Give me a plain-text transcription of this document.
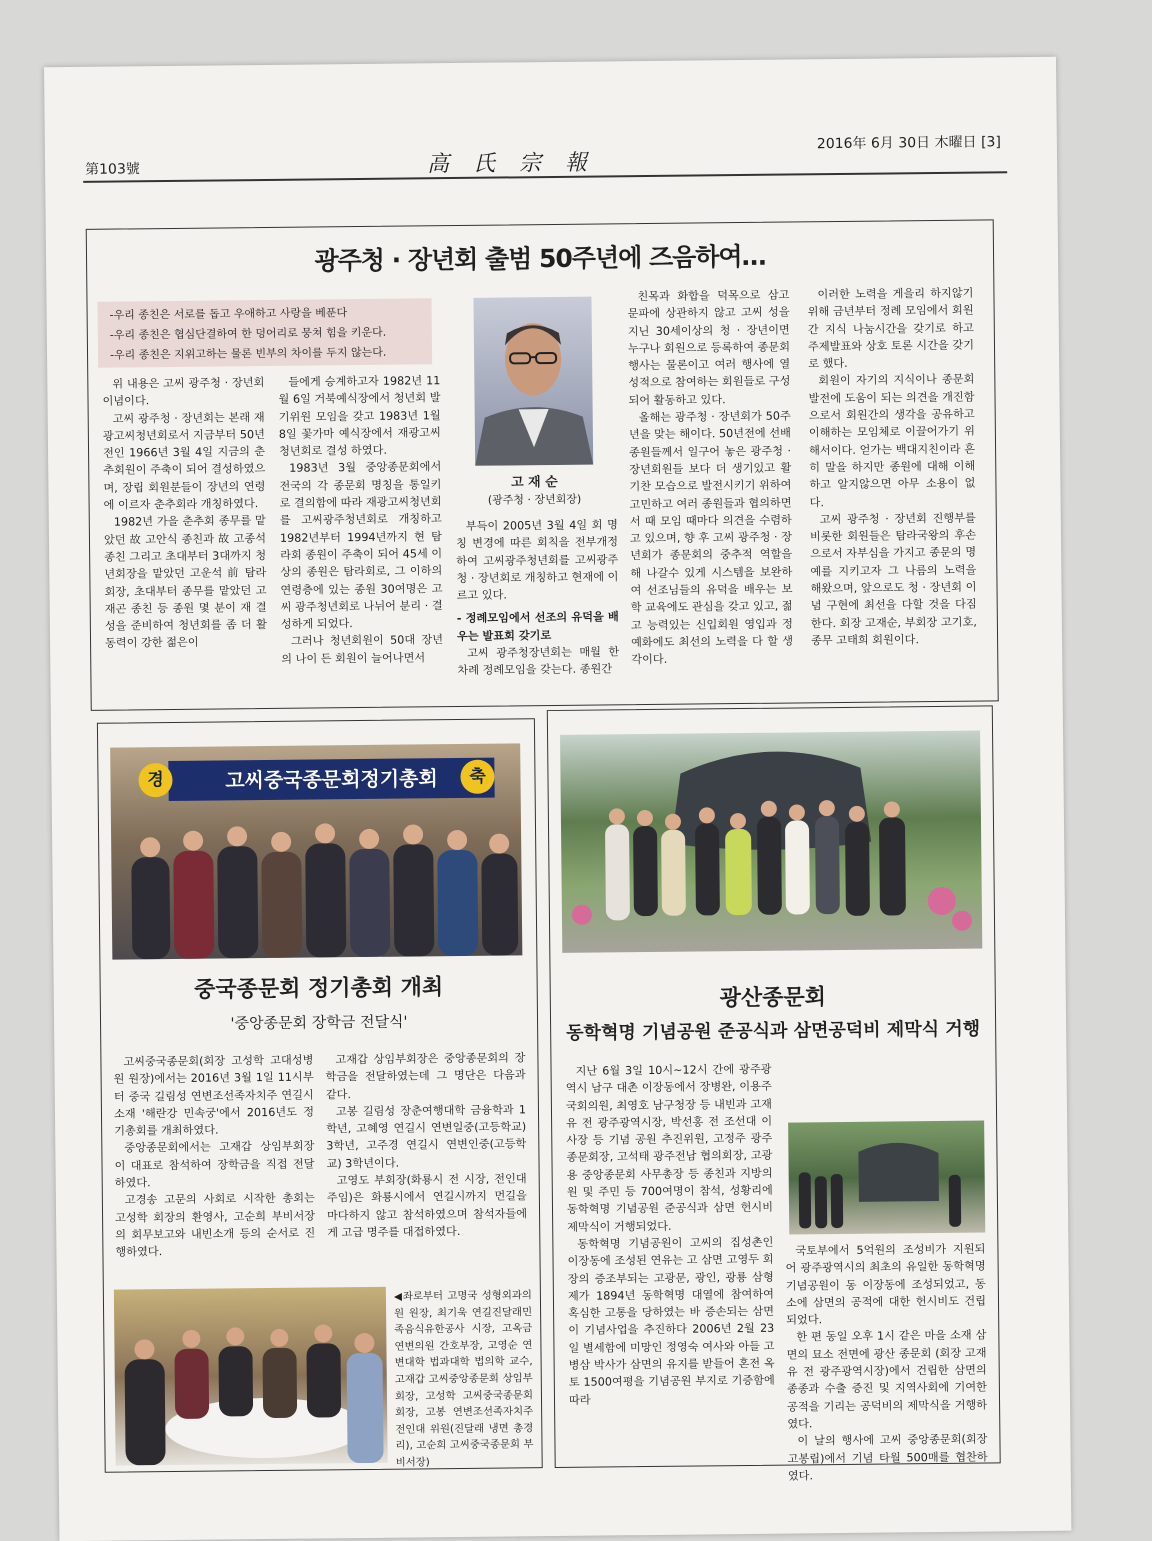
第103號	高氏宗報
2016年 6月 30日 木曜日 [3]
광주청 · 장년회 출범 50주년에 즈음하여…
-우리 종친은 서로를 돕고 우애하고 사랑을 베푼다
-우리 종친은 협심단결하여 한 덩어리로 뭉쳐 힘을 키운다.
-우리 종친은 지위고하는 물론 빈부의 차이를 두지 않는다.

위 내용은 고씨 광주청 · 장년회 이념이다.

고씨 광주청 · 장년회는 본래 재광고씨청년회로서 지금부터 50년 전인 1966년 3월 4일 지금의 춘추회원이 주축이 되어 결성하였으며, 장립 회원분들이 장년의 연령에 이르자 춘추회라 개칭하였다.

1982년 가을 춘추회 종무를 맡았던 故 고안식 종친과 故 고종석 종친 그리고 초대부터 3대까지 청년회장을 맡았던 고운석 前 탐라회장, 초대부터 종무를 맡았던 고재곤 종친 등 종원 몇 분이 재 결성을 준비하여 청년회를 좀 더 활동력이 강한 젊은이

들에게 승계하고자 1982년 11월 6일 거북예식장에서 청년회 발기위원 모임을 갖고 1983년 1월 8일 꽃가마 예식장에서 재광고씨청년회로 결성 하였다.

1983년 3월 중앙종문회에서 전국의 각 종문회 명칭을 통일키로 결의함에 따라 재광고씨청년회를 고씨광주청년회로 개칭하고 1982년부터 1994년까지 현 탐라회 종원이 주축이 되어 45세 이상의 종원은 탐라회로, 그 이하의 연령층에 있는 종원 30여명은 고씨 광주청년회로 나뉘어 분리 · 결성하게 되었다.

그러나 청년회원이 50대 장년의 나이 든 회원이 늘어나면서

고 재 순
(광주청 · 장년회장)

부득이 2005년 3월 4일 회 명칭 변경에 따른 회칙을 전부개정하여 고씨광주청년회를 고씨광주청 · 장년회로 개칭하고 현재에 이르고 있다.

- 정례모임에서 선조의 유덕을 배우는 발표회 갖기로

고씨 광주청장년회는 매월 한 차례 정례모임을 갖는다. 종원간

친목과 화합을 덕목으로 삼고 문파에 상관하지 않고 고씨 성을 지닌 30세이상의 청 · 장년이면 누구나 회원으로 등록하여 종문회 행사는 물론이고 여러 행사에 열성적으로 참여하는 회원들로 구성되어 활동하고 있다.

올해는 광주청 · 장년회가 50주년을 맞는 해이다. 50년전에 선배 종원들께서 일구어 놓은 광주청 · 장년회원들 보다 더 생기있고 활기찬 모습으로 발전시키기 위하여 고민하고 여러 종원들과 협의하면서 때 모임 때마다 의견을 수렴하고 있으며, 향 후 고씨 광주청 · 장년회가 종문회의 중추적 역할을 해 나갈수 있게 시스템을 보완하여 선조님들의 유덕을 배우는 보학 교육에도 관심을 갖고 있고, 젊고 능력있는 신입회원 영입과 정예화에도 최선의 노력을 다 할 생각이다.

이러한 노력을 게을리 하지않기 위해 금년부터 정례 모임에서 회원간 지식 나눔시간을 갖기로 하고 주제발표와 상호 토론 시간을 갖기로 했다.

회원이 자기의 지식이나 종문회 발전에 도움이 되는 의견을 개진함으로서 회원간의 생각을 공유하고 이해하는 모임체로 이끌어가기 위해서이다. 얻가는 백대지친이라 흔히 말을 하지만 종원에 대해 이해하고 알지않으면 아무 소용이 없다.

고씨 광주청 · 장년회 진행부를 비롯한 회원들은 탐라국왕의 후손으로서 자부심을 가지고 종문의 명예를 지키고자 그 나름의 노력을 해왔으며, 앞으로도 청 · 장년회 이념 구현에 최선을 다할 것을 다짐한다. 회장 고재순, 부회장 고기호, 종무 고태희 회원이다.

고씨중국종문회정기총회
경	축
중국종문회 정기총회 개최
'중앙종문회 장학금 전달식'

고씨중국종문회(회장 고성학 고대성병원 원장)에서는 2016년 3월 1일 11시부터 중국 길림성 연변조선족자치주 연길시 소재 '해란강 민속궁'에서 2016년도 정기총회를 개최하였다.

중앙종문회에서는 고재갑 상임부회장이 대표로 참석하여 장학금을 직접 전달하였다.

고경송 고문의 사회로 시작한 총회는 고성학 회장의 환영사, 고순희 부비서장의 회무보고와 내빈소개 등의 순서로 진행하였다.

고재갑 상임부회장은 중앙종문회의 장학금을 전달하였는데 그 명단은 다음과 같다.

고봉 길림성 장춘여행대학 금융학과 1학년, 고혜영 연길시 연변일중(고등학교) 3학년, 고주경 연길시 연변인중(고등학교) 3학년이다.

고영도 부회장(화룡시 전 시장, 전인대 주임)은 화룡시에서 연길시까지 먼길을 마다하지 않고 참석하였으며 참석자들에게 고급 명주를 대접하였다.

◀좌로부터 고명국 성형외과의원 원장, 최기욱 연길진달래민족음식유한공사 시장, 고옥금 연변의원 간호부장, 고영순 연변대학 법과대학 법의학 교수, 고재갑 고씨중앙종문회 상임부회장, 고성학 고씨중국종문회 회장, 고봉 연변조선족자치주 전인대 위원(진달래 냉면 총경리), 고순희 고씨중국종문회 부비서장)
광산종문회
동학혁명 기념공원 준공식과 삼면공덕비 제막식 거행

지난 6월 3일 10시~12시 간에 광주광역시 남구 대촌 이장동에서 장병완, 이용주 국회의원, 최영호 남구청장 등 내빈과 고재유 전 광주광역시장, 박선홍 전 조선대 이사장 등 기념 공원 추진위원, 고정주 광주종문회장, 고석태 광주전남 협의회장, 고광용 중앙종문회 사무총장 등 종친과 지방의원 및 주민 등 700여명이 참석, 성황리에 동학혁명 기념공원 준공식과 삼면 헌시비 제막식이 거행되었다.

동학혁명 기념공원이 고씨의 집성촌인 이장동에 조성된 연유는 고 삼면 고영두 회장의 증조부되는 고광문, 광인, 광룡 삼형제가 1894년 동학혁명 대열에 참여하여 혹심한 고통을 당하였는 바 증손되는 삼면이 기념사업을 추진하다 2006년 2월 23일 별세함에 미망인 정영숙 여사와 아들 고병삼 박사가 삼면의 유지를 받들어 혼전 옥토 1500여평을 기념공원 부지로 기증함에 따라

국토부에서 5억원의 조성비가 지원되어 광주광역시의 최초의 유일한 동학혁명 기념공원이 동 이장동에 조성되었고, 동 소에 삼면의 공적에 대한 헌시비도 건립되었다.

한 편 동일 오후 1시 같은 마을 소재 삼면의 묘소 전면에 광산 종문회 (회장 고재유 전 광주광역시장)에서 건립한 삼면의 종종과 수출 증진 및 지역사회에 기여한 공적을 기리는 공덕비의 제막식을 거행하였다.

이 날의 행사에 고씨 중앙종문회(회장 고봉립)에서 기념 타월 500매를 협찬하였다.
